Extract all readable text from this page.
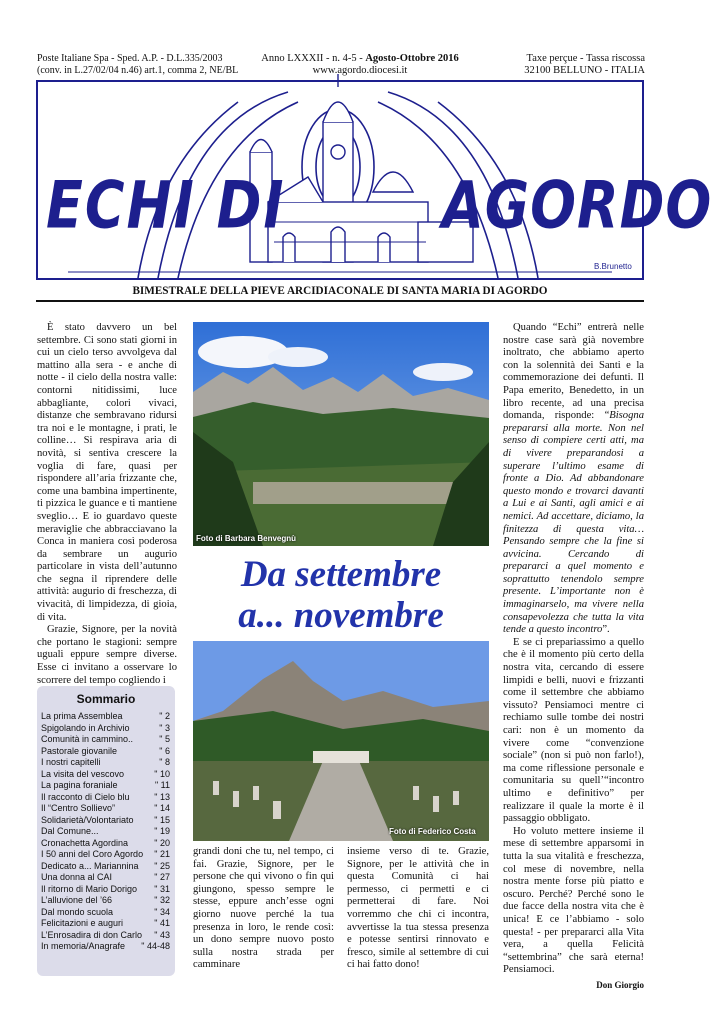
Poste Italiane Spa - Sped. A.P. - D.L.335/2003
(conv. in L.27/02/04 n.46) art.1, comma 2, NE/BL
Anno LXXXII - n. 4-5 - Agosto-Ottobre 2016
www.agordo.diocesi.it
Taxe perçue - Tassa riscossa
32100 BELLUNO - ITALIA
ECHI DI	AGORDO
B.Brunetto
BIMESTRALE DELLA PIEVE ARCIDIACONALE DI SANTA MARIA DI AGORDO

È stato davvero un bel settembre. Ci sono stati giorni in cui un cielo terso avvolgeva dal mattino alla sera - e anche di notte - il cielo della nostra valle: contorni nitidissimi, luce abbagliante, colori vivaci, distanze che sembravano ridursi tra noi e le montagne, i prati, le colline… Si respirava aria di novità, si sentiva crescere la voglia di fare, quasi per rispondere all’aria frizzante che, come una bambina impertinente, ti pizzica le guance e ti mantiene sveglio… E io guardavo queste meraviglie che abbracciavano la Conca in maniera così poderosa da sembrare un augurio particolare in vista dell’autunno che segna il riprendere delle attività: augurio di freschezza, di vivacità, di limpidezza, di gioia, di vita.

Grazie, Signore, per la novità che portano le stagioni: sempre uguali eppure sempre diverse. Esse ci invitano a osservare lo scorrere del tempo cogliendo i

Sommario
La prima Assemblea	" 2
Spigolando in Archivio	" 3
Comunità in cammino..	" 5
Pastorale giovanile	" 6
I nostri capitelli	" 8
La visita del vescovo	" 10
La pagina foraniale	" 11
Il racconto di Cielo blu	" 13
Il “Centro Sollievo”	" 14
Solidarietà/Volontariato " 15
Dal Comune...	" 19
Cronachetta Agordina	" 20
I 50 anni del Coro Agordo " 21
Dedicato a... Mariannina " 25
Una donna al CAI	" 27
Il ritorno di Mario Dorigo " 31
L’alluvione del ’66	" 32
Dal mondo scuola	" 34
Felicitazioni e auguri	" 41
L’Enrosadira di don Carlo " 43
In memoria/Anagrafe " 44-48
Foto di Barbara Benvegnù
Da settembre
a... novembre
Foto di Federico Costa

grandi doni che tu, nel tempo, ci fai. Grazie, Signore, per le persone che qui vivono o fin qui giungono, spesso sempre le stesse, eppure anch’esse ogni giorno nuove perché la tua presenza in loro, le rende così: un dono sempre nuovo posto sulla nostra strada per camminare

insieme verso di te. Grazie, Signore, per le attività che in questa Comunità ci hai permesso, ci permetti e ci permetterai di fare. Noi vorremmo che chi ci incontra, avvertisse la tua stessa presenza e potesse sentirsi rinnovato e fresco, simile al settembre di cui ci hai fatto dono!

Quando “Echi” entrerà nelle nostre case sarà già novembre inoltrato, che abbiamo aperto con la solennità dei Santi e la commemorazione dei defunti. Il Papa emerito, Benedetto, in un libro recente, ad una precisa domanda, risponde: “Bisogna prepararsi alla morte. Non nel senso di compiere certi atti, ma di vivere preparandosi a superare l’ultimo esame di fronte a Dio. Ad abbandonare questo mondo e trovarci davanti a Lui e ai Santi, agli amici e ai nemici. Ad accettare, diciamo, la finitezza di questa vita… Pensando sempre che la fine si avvicina. Cercando di prepararci a quel momento e soprattutto tenendolo sempre presente. L’importante non è immaginarselo, ma vivere nella consapevolezza che tutta la vita tende a questo incontro”.

E se ci prepariassimo a quello che è il momento più certo della nostra vita, cercando di essere limpidi e belli, nuovi e frizzanti come il settembre che abbiamo vissuto? Pensiamoci mentre ci rechiamo sulle tombe dei nostri cari: non è un momento da vivere come “convenzione sociale” (non si può non farlo!), ma come riflessione personale e comunitaria su quell’“incontro ultimo e definitivo” per realizzare il quale la morte è il passaggio obbligato.

Ho voluto mettere insieme il mese di settembre apparsomi in tutta la sua vitalità e freschezza, col mese di novembre, nella nostra mente forse più piatto e oscuro. Perché? Perché sono le due facce della nostra vita che è unica! E ce l’abbiamo - solo questa! - per prepararci alla Vita vera, a quella Felicità “settembrina” che sarà eterna! Pensiamoci.

Don Giorgio
